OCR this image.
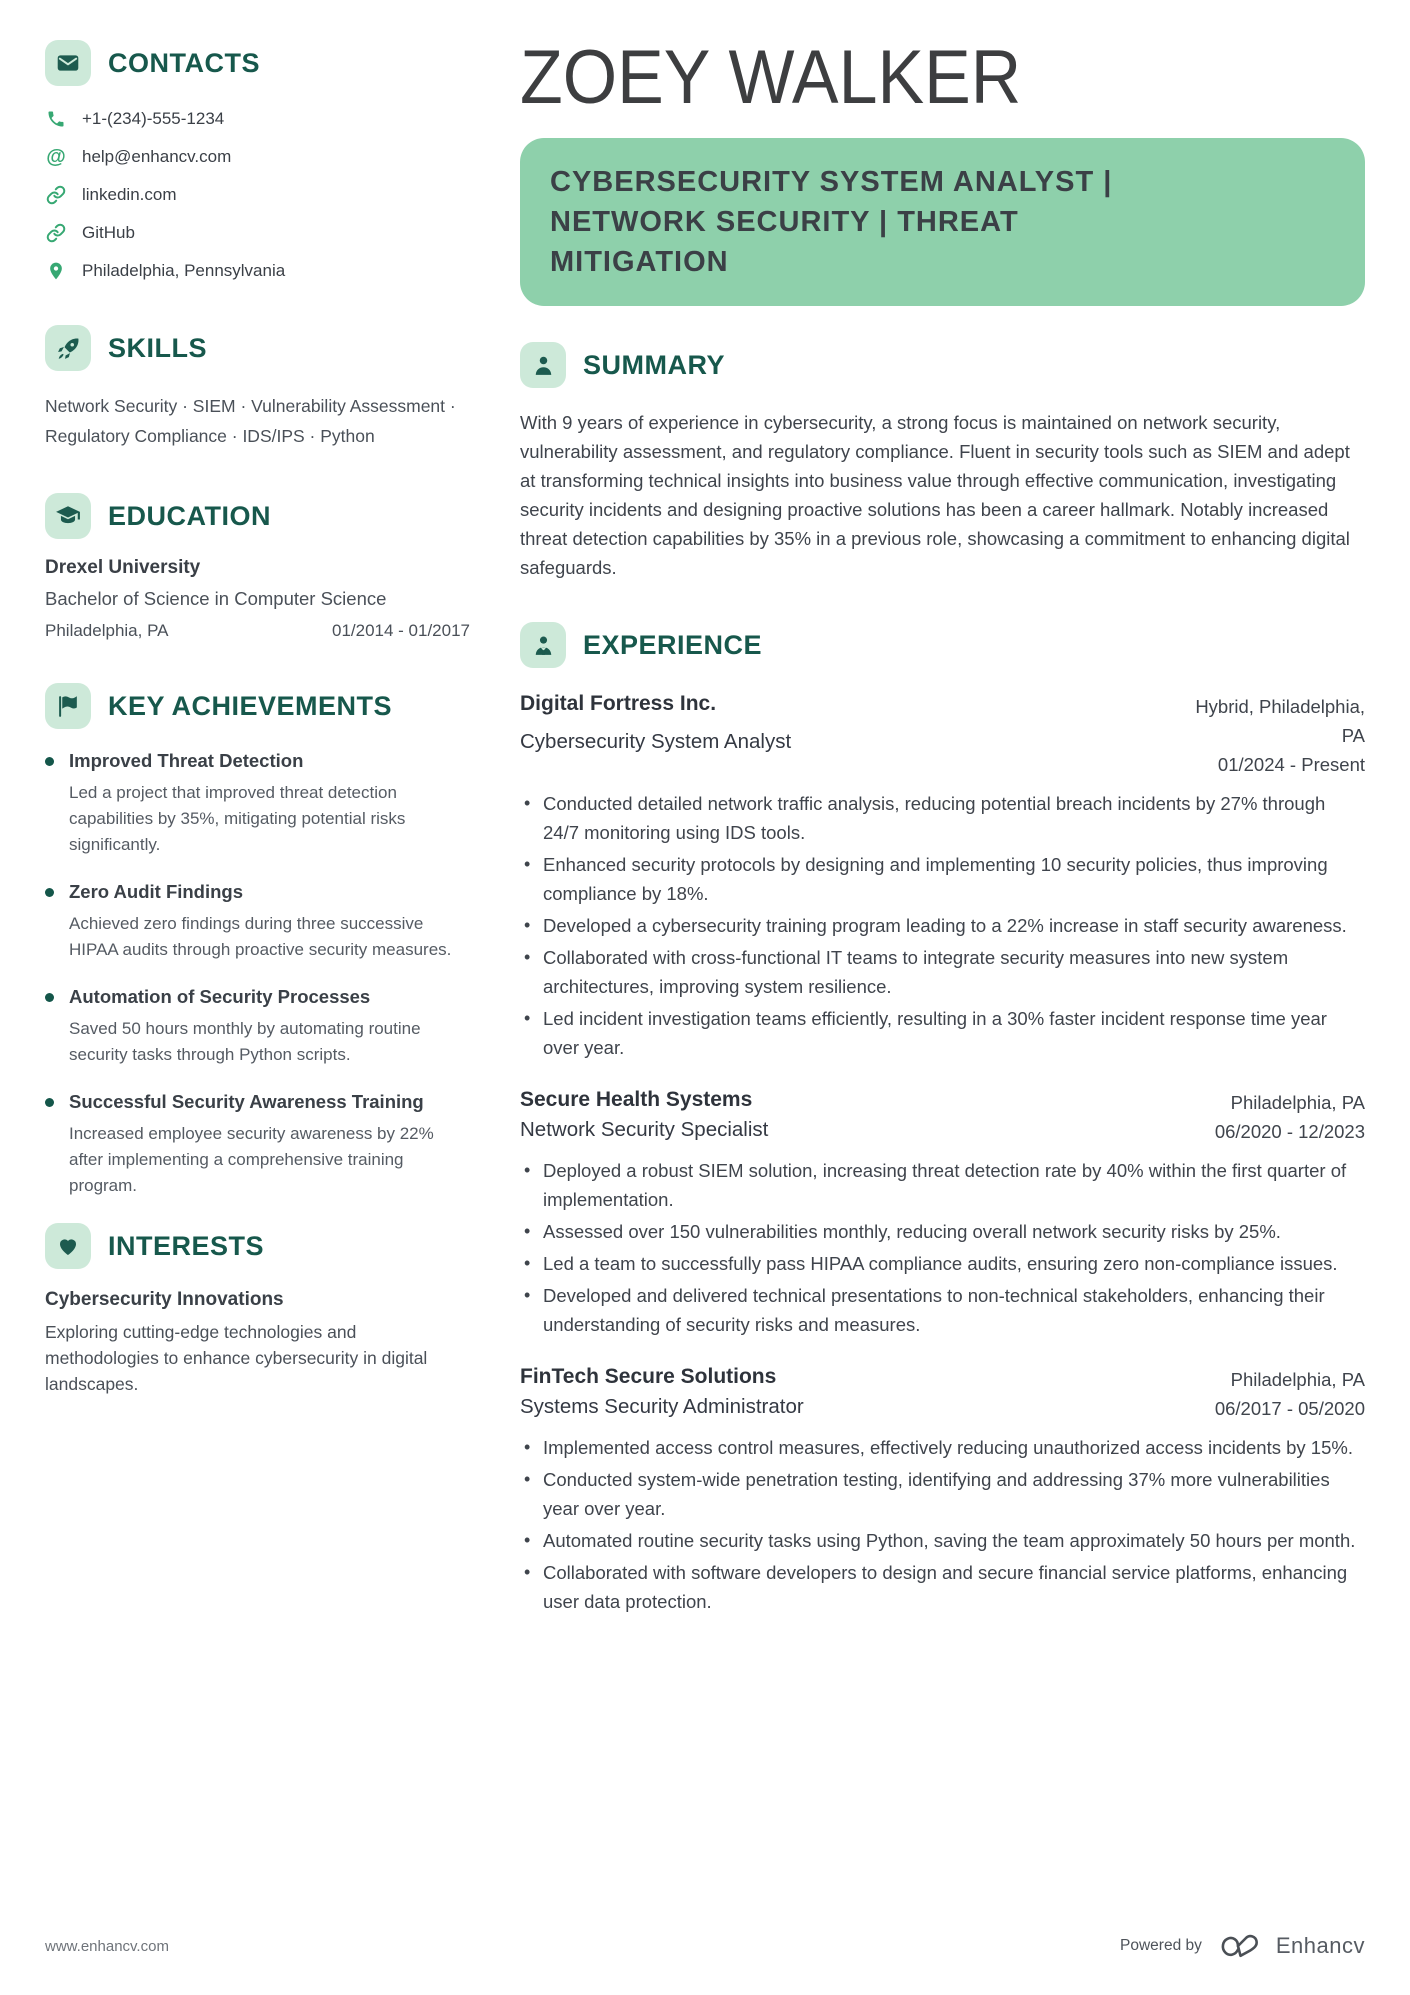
CONTACTS
+1-(234)-555-1234
@ help@enhancv.com
linkedin.com
GitHub
Philadelphia, Pennsylvania
SKILLS
Network Security · SIEM · Vulnerability Assessment · Regulatory Compliance · IDS/IPS · Python
EDUCATION
Drexel University
Bachelor of Science in Computer Science
Philadelphia, PA	01/2014 - 01/2017
KEY ACHIEVEMENTS
Improved Threat Detection
Led a project that improved threat detection capabilities by 35%, mitigating potential risks significantly.
Zero Audit Findings
Achieved zero findings during three successive HIPAA audits through proactive security measures.
Automation of Security Processes
Saved 50 hours monthly by automating routine security tasks through Python scripts.
Successful Security Awareness Training
Increased employee security awareness by 22% after implementing a comprehensive training program.
INTERESTS
Cybersecurity Innovations
Exploring cutting-edge technologies and methodologies to enhance cybersecurity in digital landscapes.
ZOEY WALKER
CYBERSECURITY SYSTEM ANALYST | NETWORK SECURITY | THREAT MITIGATION
SUMMARY

With 9 years of experience in cybersecurity, a strong focus is maintained on network security, vulnerability assessment, and regulatory compliance. Fluent in security tools such as SIEM and adept at transforming technical insights into business value through effective communication, investigating security incidents and designing proactive solutions has been a career hallmark. Notably increased threat detection capabilities by 35% in a previous role, showcasing a commitment to enhancing digital safeguards.

EXPERIENCE
Digital Fortress Inc.
Cybersecurity System Analyst
Hybrid, Philadelphia, PA
01/2024 - Present
• Conducted detailed network traffic analysis, reducing potential breach incidents by 27% through 24/7 monitoring using IDS tools.
• Enhanced security protocols by designing and implementing 10 security policies, thus improving compliance by 18%.
• Developed a cybersecurity training program leading to a 22% increase in staff security awareness.
• Collaborated with cross-functional IT teams to integrate security measures into new system architectures, improving system resilience.
• Led incident investigation teams efficiently, resulting in a 30% faster incident response time year over year.
Secure Health Systems
Network Security Specialist
Philadelphia, PA
06/2020 - 12/2023
• Deployed a robust SIEM solution, increasing threat detection rate by 40% within the first quarter of implementation.
• Assessed over 150 vulnerabilities monthly, reducing overall network security risks by 25%.
• Led a team to successfully pass HIPAA compliance audits, ensuring zero non-compliance issues.
• Developed and delivered technical presentations to non-technical stakeholders, enhancing their understanding of security risks and measures.
FinTech Secure Solutions
Systems Security Administrator
Philadelphia, PA
06/2017 - 05/2020
• Implemented access control measures, effectively reducing unauthorized access incidents by 15%.
• Conducted system-wide penetration testing, identifying and addressing 37% more vulnerabilities year over year.
• Automated routine security tasks using Python, saving the team approximately 50 hours per month.
• Collaborated with software developers to design and secure financial service platforms, enhancing user data protection.
www.enhancv.com	Powered by	Enhancv
